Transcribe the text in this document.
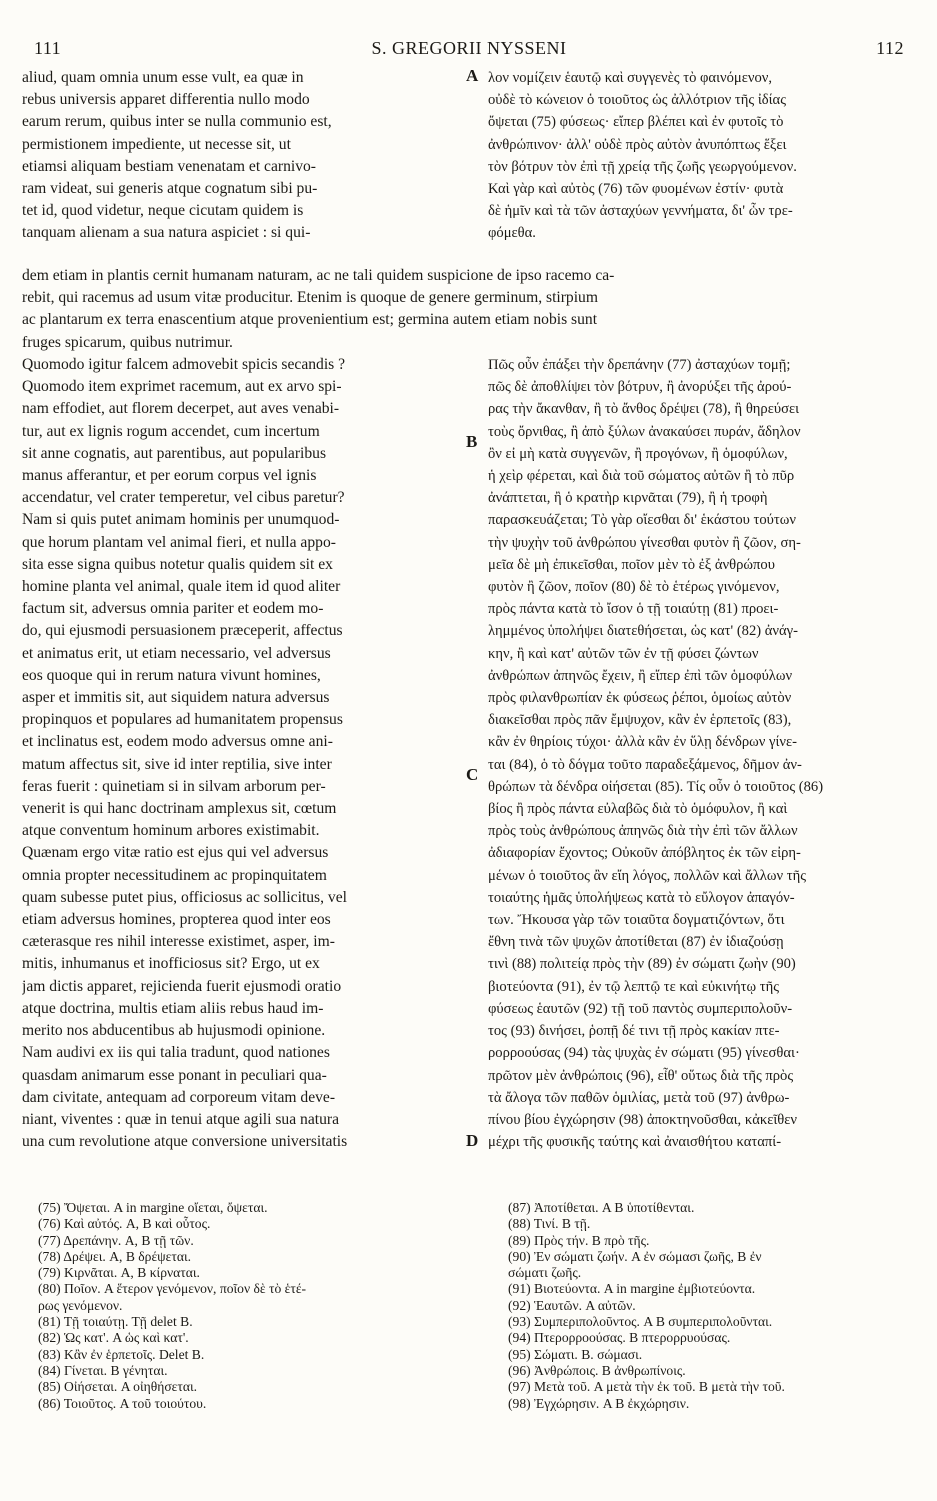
111	S. GREGORII NYSSENI	112

aliud, quam omnia unum esse vult, ea quæ in
rebus universis apparet differentia nullo modo
earum rerum, quibus inter se nulla communio est,
permistionem impediente, ut necesse sit, ut
etiamsi aliquam bestiam venenatam et carnivo-
ram videat, sui generis atque cognatum sibi pu-
tet id, quod videtur, neque cicutam quidem is
tanquam alienam a sua natura aspiciet : si qui-

A λον νομίζειν ἑαυτῷ καὶ συγγενὲς τὸ φαινόμενον,
οὐδὲ τὸ κώνειον ὁ τοιοῦτος ὡς ἀλλότριον τῆς ἰδίας
ὄψεται (75) φύσεως· εἴπερ βλέπει καὶ ἐν φυτοῖς τὸ
ἀνθρώπινον· ἀλλ' οὐδὲ πρὸς αὐτὸν ἀνυπόπτως ἕξει
τὸν βότρυν τὸν ἐπὶ τῇ χρείᾳ τῆς ζωῆς γεωργούμενον.
Καὶ γὰρ καὶ αὐτὸς (76) τῶν φυομένων ἐστίν· φυτὰ
δὲ ἡμῖν καὶ τὰ τῶν ἀσταχύων γεννήματα, δι' ὧν τρε-
φόμεθα.

dem etiam in plantis cernit humanam naturam, ac ne tali quidem suspicione de ipso racemo ca-
rebit, qui racemus ad usum vitæ producitur. Etenim is quoque de genere germinum, stirpium
ac plantarum ex terra enascentium atque provenientium est; germina autem etiam nobis sunt
fruges spicarum, quibus nutrimur.

Quomodo igitur falcem admovebit spicis secandis ?
Quomodo item exprimet racemum, aut ex arvo spi-
nam effodiet, aut florem decerpet, aut aves venabi-
tur, aut ex lignis rogum accendet, cum incertum
sit anne cognatis, aut parentibus, aut popularibus
manus afferantur, et per eorum corpus vel ignis
accendatur, vel crater temperetur, vel cibus paretur?
Nam si quis putet animam hominis per unumquod-
que horum plantam vel animal fieri, et nulla appo-
sita esse signa quibus notetur qualis quidem sit ex
homine planta vel animal, quale item id quod aliter
factum sit, adversus omnia pariter et eodem mo-
do, qui ejusmodi persuasionem præceperit, affectus
et animatus erit, ut etiam necessario, vel adversus
eos quoque qui in rerum natura vivunt homines,
asper et immitis sit, aut siquidem natura adversus
propinquos et populares ad humanitatem propensus
et inclinatus est, eodem modo adversus omne ani-
matum affectus sit, sive id inter reptilia, sive inter
feras fuerit : quinetiam si in silvam arborum per-
venerit is qui hanc doctrinam amplexus sit, cœtum
atque conventum hominum arbores existimabit.
Quænam ergo vitæ ratio est ejus qui vel adversus
omnia propter necessitudinem ac propinquitatem
quam subesse putet pius, officiosus ac sollicitus, vel
etiam adversus homines, propterea quod inter eos
cæterasque res nihil interesse existimet, asper, im-
mitis, inhumanus et inofficiosus sit? Ergo, ut ex
jam dictis apparet, rejicienda fuerit ejusmodi oratio
atque doctrina, multis etiam aliis rebus haud im-
merito nos abducentibus ab hujusmodi opinione.
Nam audivi ex iis qui talia tradunt, quod nationes
quasdam animarum esse ponant in peculiari qua-
dam civitate, antequam ad corporeum vitam deve-
niant, viventes : quæ in tenui atque agili sua natura
una cum revolutione atque conversione universitatis

B
C
D

Πῶς οὖν ἐπάξει τὴν δρεπάνην (77) ἀσταχύων τομῇ;
πῶς δὲ ἀποθλίψει τὸν βότρυν, ἢ ἀνορύξει τῆς ἀρού-
ρας τὴν ἄκανθαν, ἢ τὸ ἄνθος δρέψει (78), ἢ θηρεύσει
τοὺς ὄρνιθας, ἢ ἀπὸ ξύλων ἀνακαύσει πυράν, ἄδηλον
ὂν εἰ μὴ κατὰ συγγενῶν, ἢ προγόνων, ἢ ὁμοφύλων,
ἡ χεὶρ φέρεται, καὶ διὰ τοῦ σώματος αὐτῶν ἢ τὸ πῦρ
ἀνάπτεται, ἢ ὁ κρατὴρ κιρνᾶται (79), ἢ ἡ τροφὴ
παρασκευάζεται; Τὸ γὰρ οἴεσθαι δι' ἑκάστου τούτων
τὴν ψυχὴν τοῦ ἀνθρώπου γίνεσθαι φυτὸν ἢ ζῶον, ση-
μεῖα δὲ μὴ ἐπικεῖσθαι, ποῖον μὲν τὸ ἐξ ἀνθρώπου
φυτὸν ἢ ζῶον, ποῖον (80) δὲ τὸ ἑτέρως γινόμενον,
πρὸς πάντα κατὰ τὸ ἴσον ὁ τῇ τοιαύτῃ (81) προει-
λημμένος ὑπολήψει διατεθήσεται, ὡς κατ' (82) ἀνάγ-
κην, ἢ καὶ κατ' αὐτῶν τῶν ἐν τῇ φύσει ζώντων
ἀνθρώπων ἀπηνῶς ἔχειν, ἢ εἴπερ ἐπὶ τῶν ὁμοφύλων
πρὸς φιλανθρωπίαν ἐκ φύσεως ῥέποι, ὁμοίως αὐτὸν
διακεῖσθαι πρὸς πᾶν ἔμψυχον, κἂν ἐν ἑρπετοῖς (83),
κἂν ἐν θηρίοις τύχοι· ἀλλὰ κἂν ἐν ὕλῃ δένδρων γίνε-
ται (84), ὁ τὸ δόγμα τοῦτο παραδεξάμενος, δῆμον ἀν-
θρώπων τὰ δένδρα οἰήσεται (85). Τίς οὖν ὁ τοιοῦτος (86)
βίος ἢ πρὸς πάντα εὐλαβῶς διὰ τὸ ὁμόφυλον, ἢ καὶ
πρὸς τοὺς ἀνθρώπους ἀπηνῶς διὰ τὴν ἐπὶ τῶν ἄλλων
ἀδιαφορίαν ἔχοντος; Οὐκοῦν ἀπόβλητος ἐκ τῶν εἰρη-
μένων ὁ τοιοῦτος ἂν εἴη λόγος, πολλῶν καὶ ἄλλων τῆς
τοιαύτης ἡμᾶς ὑπολήψεως κατὰ τὸ εὔλογον ἀπαγόν-
των. Ἤκουσα γὰρ τῶν τοιαῦτα δογματιζόντων, ὅτι
ἔθνη τινὰ τῶν ψυχῶν ἀποτίθεται (87) ἐν ἰδιαζούσῃ
τινὶ (88) πολιτείᾳ πρὸς τὴν (89) ἐν σώματι ζωὴν (90)
βιοτεύοντα (91), ἐν τῷ λεπτῷ τε καὶ εὐκινήτῳ τῆς
φύσεως ἑαυτῶν (92) τῇ τοῦ παντὸς συμπεριπολοῦν-
τος (93) δινήσει, ῥοπῇ δέ τινι τῇ πρὸς κακίαν πτε-
ρορροούσας (94) τὰς ψυχὰς ἐν σώματι (95) γίνεσθαι·
πρῶτον μὲν ἀνθρώποις (96), εἶθ' οὕτως διὰ τῆς πρὸς
τὰ ἄλογα τῶν παθῶν ὁμιλίας, μετὰ τοῦ (97) ἀνθρω-
πίνου βίου ἐγχώρησιν (98) ἀποκτηνοῦσθαι, κἀκεῖθεν
μέχρι τῆς φυσικῆς ταύτης καὶ ἀναισθήτου καταπί-

(75) Ὄψεται. A in margine οἴεται, ὄψεται.
(76) Καὶ αὐτός. A, B καὶ οὗτος.
(77) Δρεπάνην. A, B τῇ τῶν.
(78) Δρέψει. A, B δρέψεται.
(79) Κιρνᾶται. A, B κίρναται.
(80) Ποῖον. A ἕτερον γενόμενον, ποῖον δὲ τὸ ἑτέ-
ρως γενόμενον.
(81) Τῇ τοιαύτῃ. Τῇ delet B.
(82) Ὡς κατ'. A ὡς καὶ κατ'.
(83) Κἂν ἐν ἑρπετοῖς. Delet B.
(84) Γίνεται. B γένηται.
(85) Οἰήσεται. A οἰηθήσεται.
(86) Τοιοῦτος. A τοῦ τοιούτου.

(87) Ἀποτίθεται. A B ὑποτίθενται.
(88) Τινί. B τῇ.
(89) Πρὸς τήν. B πρὸ τῆς.
(90) Ἐν σώματι ζωήν. A ἐν σώμασι ζωῆς, B ἐν
σώματι ζωῆς.
(91) Βιοτεύοντα. A in margine ἐμβιοτεύοντα.
(92) Ἑαυτῶν. A αὐτῶν.
(93) Συμπεριπολοῦντος. A B συμπεριπολοῦνται.
(94) Πτερορροούσας. B πτερορρυούσας.
(95) Σώματι. B. σώμασι.
(96) Ἀνθρώποις. B ἀνθρωπίνοις.
(97) Μετὰ τοῦ. A μετὰ τὴν ἐκ τοῦ. B μετὰ τὴν τοῦ.
(98) Ἐγχώρησιν. A B ἐκχώρησιν.
